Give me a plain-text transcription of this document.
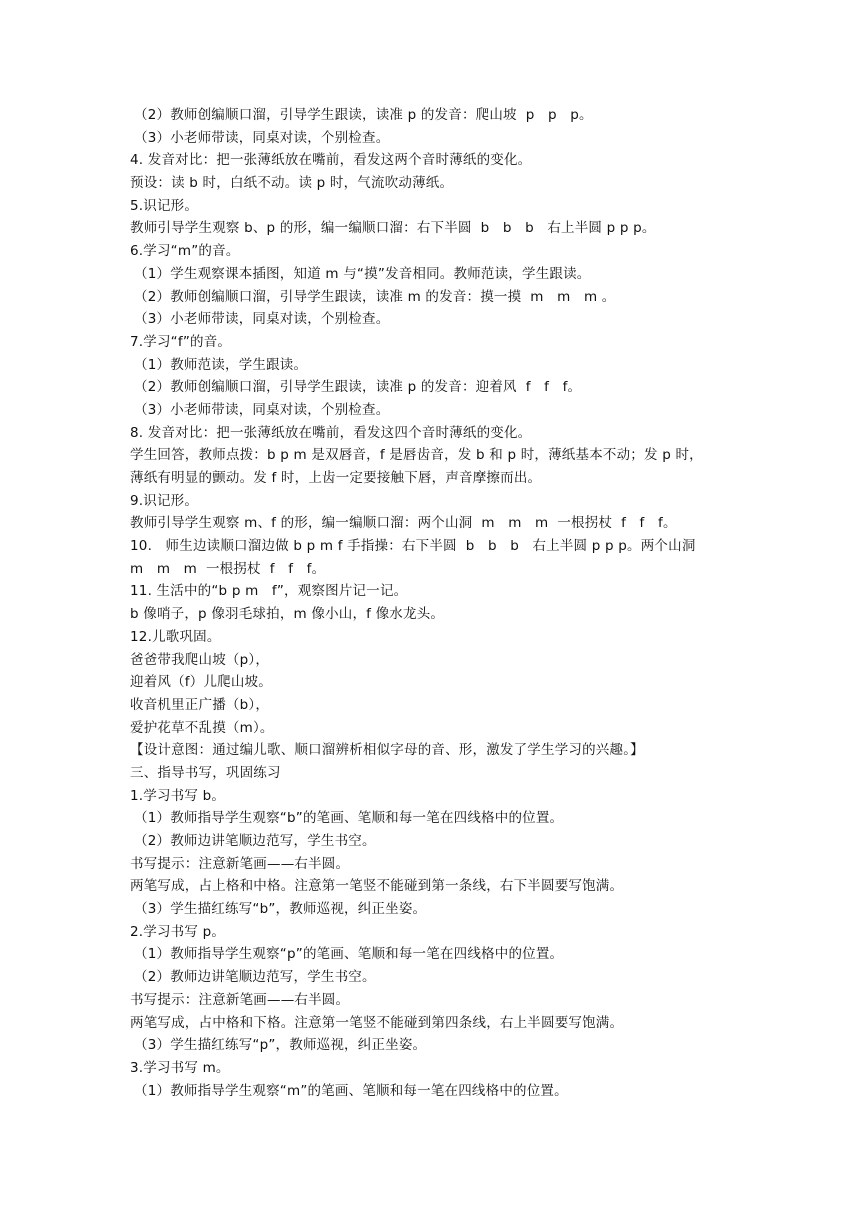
（2）教师创编顺口溜，引导学生跟读，读准 p 的发音：爬山坡  p   p   p。
（3）小老师带读，同桌对读，个别检查。
4. 发音对比：把一张薄纸放在嘴前，看发这两个音时薄纸的变化。
预设：读 b 时，白纸不动。读 p 时，气流吹动薄纸。
5.识记形。
教师引导学生观察 b、p 的形，编一编顺口溜：右下半圆  b   b   b   右上半圆 p p p。
6.学习“m”的音。
（1）学生观察课本插图，知道 m 与“摸”发音相同。教师范读，学生跟读。
（2）教师创编顺口溜，引导学生跟读，读准 m 的发音：摸一摸  m   m   m 。
（3）小老师带读，同桌对读，个别检查。
7.学习“f”的音。
（1）教师范读，学生跟读。
（2）教师创编顺口溜，引导学生跟读，读准 p 的发音：迎着风  f   f   f。
（3）小老师带读，同桌对读，个别检查。
8. 发音对比：把一张薄纸放在嘴前，看发这四个音时薄纸的变化。
学生回答，教师点拨：b p m 是双唇音，f 是唇齿音，发 b 和 p 时，薄纸基本不动；发 p 时，
薄纸有明显的颤动。发 f 时，上齿一定要接触下唇，声音摩擦而出。
9.识记形。
教师引导学生观察 m、f 的形，编一编顺口溜：两个山洞  m   m   m  一根拐杖  f   f   f。
10.   师生边读顺口溜边做 b p m f 手指操：右下半圆  b   b   b   右上半圆 p p p。两个山洞
m   m   m  一根拐杖  f   f   f。
11. 生活中的“b p m   f”，观察图片记一记。
b 像哨子，p 像羽毛球拍，m 像小山，f 像水龙头。
12.儿歌巩固。
爸爸带我爬山坡（p），
迎着风（f）儿爬山坡。
收音机里正广播（b），
爱护花草不乱摸（m）。
【设计意图：通过编儿歌、顺口溜辨析相似字母的音、形，激发了学生学习的兴趣。】
三、指导书写，巩固练习
1.学习书写 b。
（1）教师指导学生观察“b”的笔画、笔顺和每一笔在四线格中的位置。
（2）教师边讲笔顺边范写，学生书空。
书写提示：注意新笔画——右半圆。
两笔写成，占上格和中格。注意第一笔竖不能碰到第一条线，右下半圆要写饱满。
（3）学生描红练写“b”，教师巡视，纠正坐姿。
2.学习书写 p。
（1）教师指导学生观察“p”的笔画、笔顺和每一笔在四线格中的位置。
（2）教师边讲笔顺边范写，学生书空。
书写提示：注意新笔画——右半圆。
两笔写成，占中格和下格。注意第一笔竖不能碰到第四条线，右上半圆要写饱满。
（3）学生描红练写“p”，教师巡视，纠正坐姿。
3.学习书写 m。
（1）教师指导学生观察“m”的笔画、笔顺和每一笔在四线格中的位置。
